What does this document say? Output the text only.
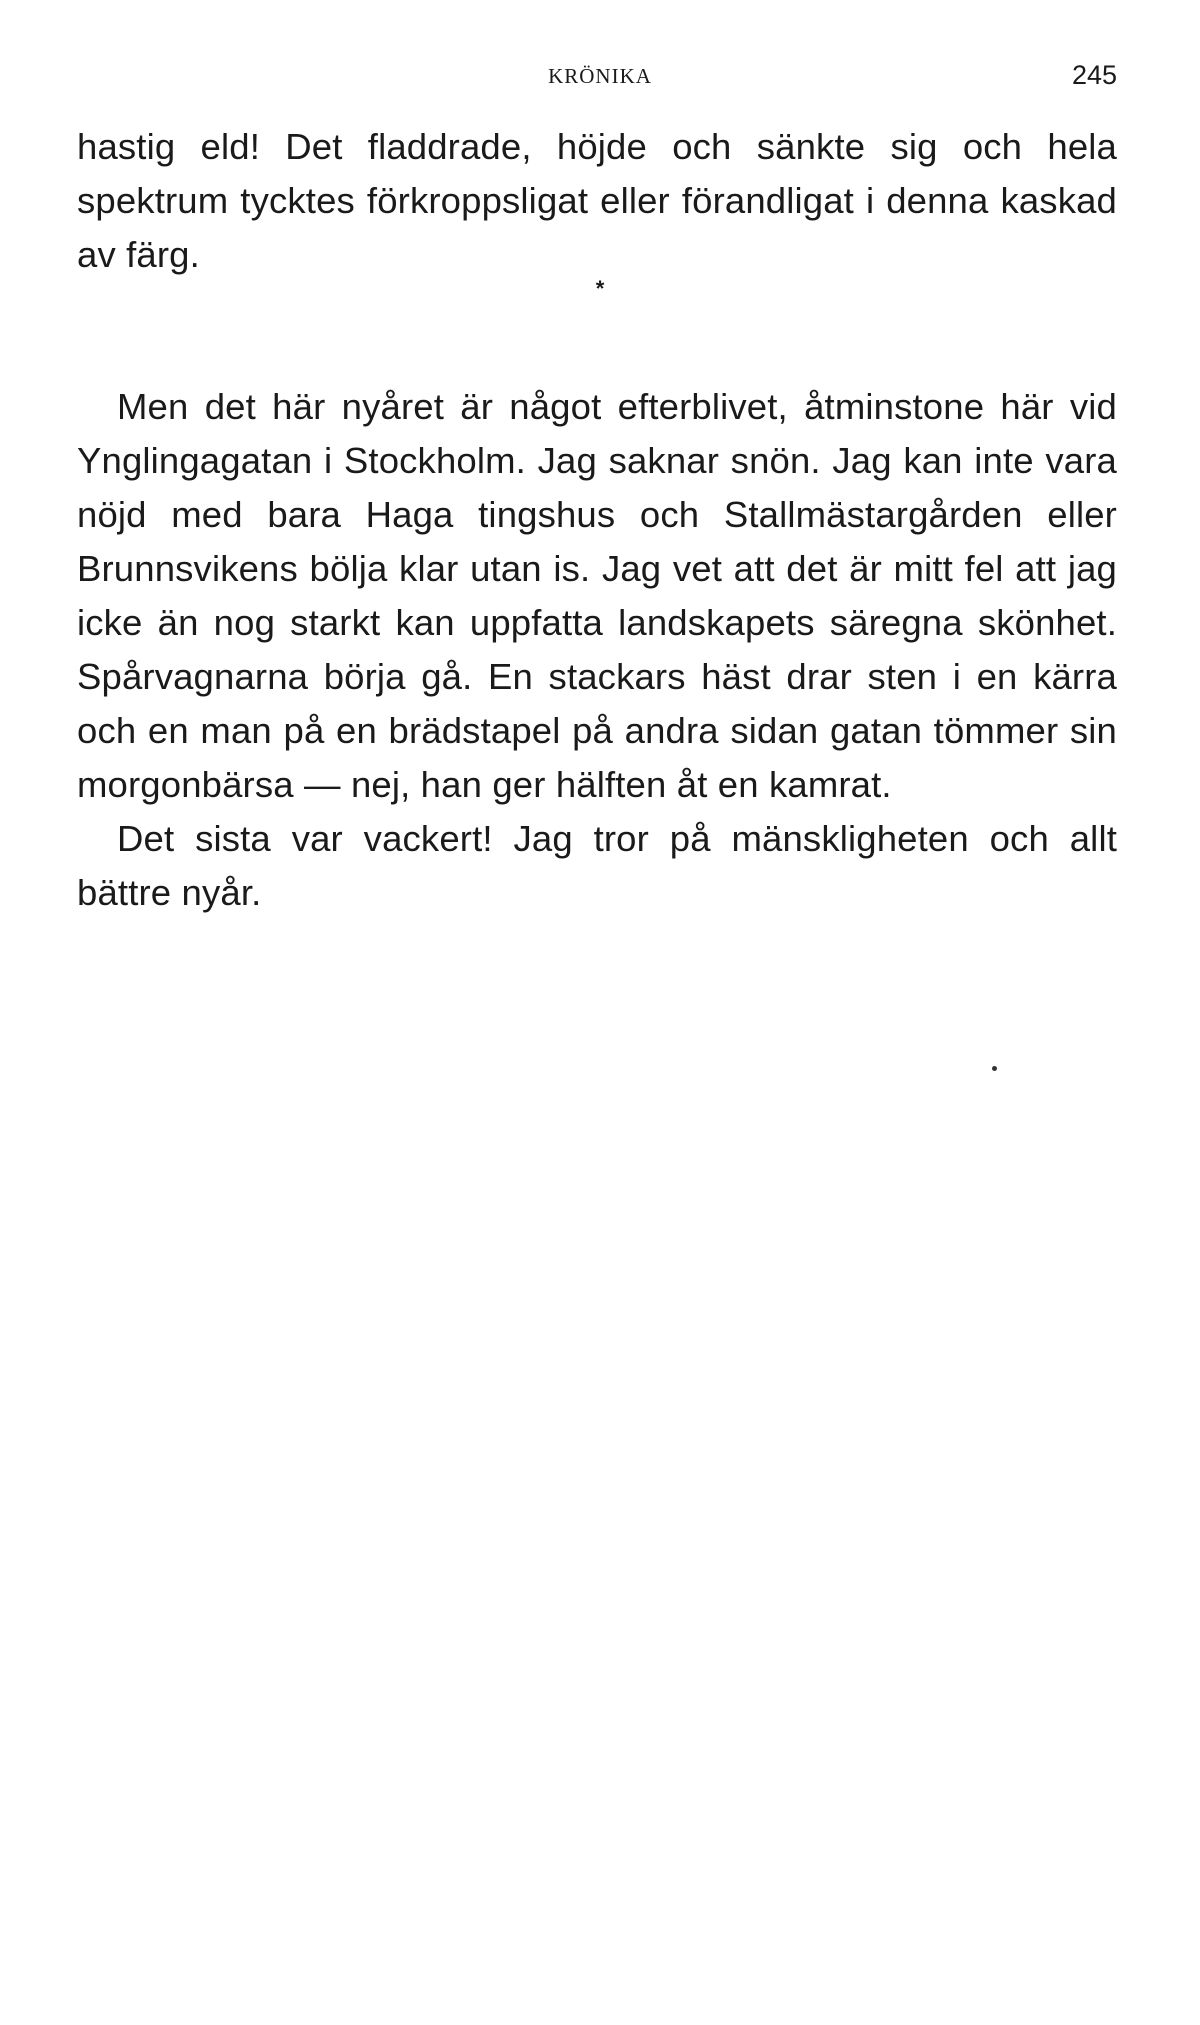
KRÖNIKA	245

hastig eld! Det fladdrade, höjde och sänkte sig och hela spektrum tycktes förkroppsligat eller förandligat i denna kaskad av färg.

*

Men det här nyåret är något efterblivet, åtminstone här vid Ynglingagatan i Stockholm. Jag saknar snön. Jag kan inte vara nöjd med bara Haga tingshus och Stallmästargården eller Brunnsvikens bölja klar utan is. Jag vet att det är mitt fel att jag icke än nog starkt kan uppfatta landskapets säregna skönhet. Spårvagnarna börja gå. En stackars häst drar sten i en kärra och en man på en brädstapel på andra sidan gatan tömmer sin morgonbärsa — nej, han ger hälften åt en kamrat.

Det sista var vackert! Jag tror på mänskligheten och allt bättre nyår.
